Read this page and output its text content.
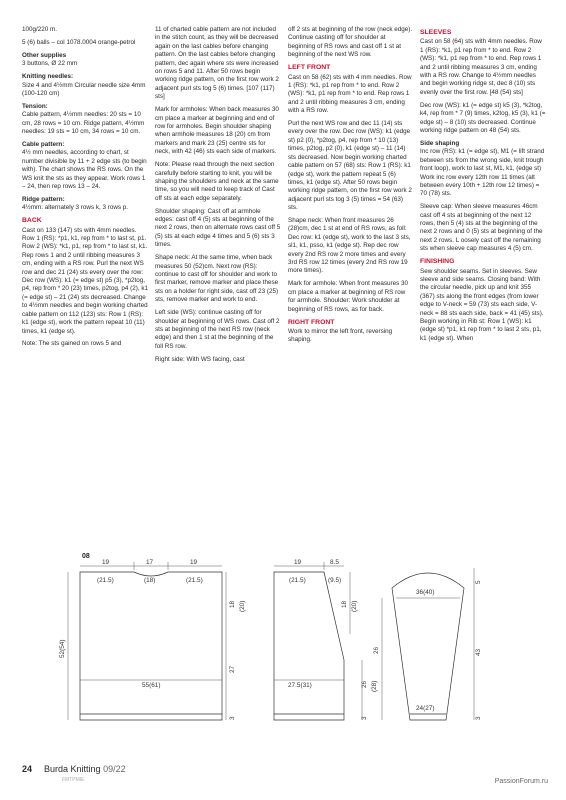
100g/220 m.

5 (6) balls – col 1078.0004 orange-petrol

Other supplies

3 buttons, Ø 22 mm

Knitting needles:

Size 4 and 4½mm Circular needle size 4mm (100-120 cm)

Tension:

Cable pattern, 4½mm needles: 20 sts = 10 cm, 28 rows = 10 cm. Ridge pattern, 4½mm needles: 19 sts = 10 cm, 34 rows = 10 cm.

Cable pattern:

4½ mm needles, according to chart, st number divisible by 11 + 2 edge sts (to begin with). The chart shows the RS rows. On the WS knit the sts as they appear. Work rows 1 – 24, then rep rows 13 – 24.

Ridge pattern:

4½mm: alternately 3 rows k, 3 rows p.

BACK

Cast on 133 (147) sts with 4mm needles. Row 1 (RS): *p1, k1, rep from * to last st, p1. Row 2 (WS): *k1, p1, rep from * to last st, k1. Rep rows 1 and 2 until ribbing measures 3 cm, ending with a RS row. Purl the next WS row and dec 21 (24) sts every over the row: Dec row (WS): k1 (= edge st) p5 (3), *p2tog, p4, rep from * 20 (23) times, p2tog, p4 (2), k1 (= edge st) – 21 (24) sts decreased. Change to 4½mm needles and begin working charted cable pattern on 112 (123) sts: Row 1 (RS): k1 (edge st), work the pattern repeat 10 (11) times, k1 (edge st).

Note: The sts gained on rows 5 and

11 of charted cable pattern are not included in the stitch count, as they will be decreased again on the last cables before changing pattern. On the last cables before changing pattern, dec again where sts were increased on rows 5 and 11. After 50 rows begin working ridge pattern, on the first row work 2 adjacent purl sts tog 5 (6) times. [107 (117) sts]

Mark for armholes: When back measures 30 cm place a marker at beginning and end of row for armholes. Begin shoulder shaping when armhole measures 18 (20) cm from markers and mark 23 (25) centre sts for neck, with 42 (46) sts each side of markers.

Note: Please read through the next section carefully before starting to knit, you will be shaping the shoulders and neck at the same time, so you will need to keep track of Cast off sts at each edge separately.

Shoulder shaping: Cast off at armhole edges: cast off 4 (5) sts at beginning of the next 2 rows, then on alternate rows cast off 5 (5) sts at each edge 4 times and 5 (6) sts 3 times.

Shape neck: At the same time, when back measures 50 (52)cm. Next row (RS): continue to cast off for shoulder and work to first marker, remove marker and place these sts on a holder for right side, cast off 23 (25) sts, remove marker and work to end.

Left side (WS): continue casting off for shoulder at beginning of WS rows. Cast off 2 sts at beginning of the next RS row (neck edge) and then 1 st at the beginning of the foll RS row.

Right side: With WS facing, cast

off 2 sts at beginning of the row (neck edge). Continue casting off for shoulder at beginning of RS rows and cast off 1 st at beginning of the next WS row.

LEFT FRONT

Cast on 58 (62) sts with 4 mm needles. Row 1 (RS): *k1, p1 rep from * to end. Row 2 (WS): *k1, p1 rep from * to end. Rep rows 1 and 2 until ribbing measures 3 cm, ending with a RS row.

Purl the next WS row and dec 11 (14) sts every over the row. Dec row (WS): k1 (edge st) p2 (0), *p2tog, p4, rep from * 10 (13) times, p2tog, p2 (0), k1 (edge st) – 11 (14) sts decreased. Now begin working charted cable pattern on 57 (68) sts: Row 1 (RS): k1 (edge st), work the pattern repeat 5 (6) times, k1 (edge st). After 50 rows begin working ridge pattern, on the first row work 2 adjacent purl sts tog 3 (5) times = 54 (63) sts.

Shape neck: When front measures 26 (28)cm, dec 1 st at end of RS rows, as foll: Dec row: k1 (edge st), work to the last 3 sts, sl1, k1, psso, k1 (edge st). Rep dec row every 2nd RS row 2 more times and every 3rd RS row 12 times (every 2nd RS row 19 more times).

Mark for armhole: When front measures 30 cm place a marker at beginning of RS row for armhole. Shoulder: Work shoulder at beginning of RS rows, as for back.

RIGHT FRONT

Work to mirror the left front, reversing shaping.

SLEEVES

Cast on 58 (64) sts with 4mm needles. Row 1 (RS): *k1, p1 rep from * to end. Row 2 (WS): *k1, p1 rep from * to end. Rep rows 1 and 2 until ribbing measures 3 cm, ending with a RS row. Change to 4½mm needles and begin working ridge st, dec 8 (10) sts evenly over the first row. [48 (54) sts]

Dec row (WS): k1 (= edge st) k5 (3), *k2tog, k4, rep from * 7 (9) times, k2tog, k5 (3), k1 (= edge st) – 8 (10) sts decreased. Continue working ridge pattern on 48 (54) sts.

Side shaping

Inc row (RS): k1 (= edge st), M1 (= lift strand between sts from the wrong side, knit trough front loop), work to last st, M1, k1, (edge st) Work inc row every 12th row 11 times (alt between every 10th + 12th row 12 times) = 70 (78) sts.

Sleeve cap: When sleeve measures 46cm cast off 4 sts at beginning of the next 12 rows, then 5 (4) sts at the beginning of the next 2 rows and 0 (5) sts at beginning of the next 2 rows. L oosely cast off the remaining sts when sleeve cap measures 4 (5) cm.

FINISHING

Sew shoulder seams. Set in sleeves. Sew sleeve and side seams. Closing band: With the circular needle, pick up and knit 355 (367) sts along the front edges (from lower edge to V-neck = 59 (73) sts each side, V-neck = 88 sts each side, back = 41 (45) sts). Begin working in Rib st: Row 1 (WS): k1 (edge st) *p1, k1 rep from * to last 2 sts, p1, k1 (edge st). When

08
19	17	19
(21.5)	(18)	(21.5)
52(54)
55(61)
18 (20)
27
3
19	8.5
(21.5)	(9.5)
27.5(31)
18 (20)
26 (28)
3
36(40)
24(27)
5
43
26
3
24 Burda Knitting 09/22
FMTPMIE	PassionForum.ru
